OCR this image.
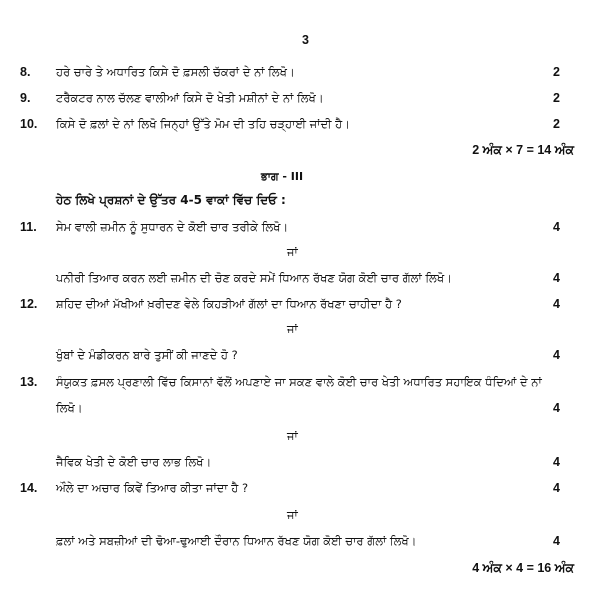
3
8. ਹਰੇ ਚਾਰੇ ਤੇ ਅਧਾਰਿਤ ਕਿਸੇ ਦੋ ਫ਼ਸਲੀ ਚੱਕਰਾਂ ਦੇ ਨਾਂ ਲਿਖੋ।	2
9. ਟਰੈਕਟਰ ਨਾਲ ਚੱਲਣ ਵਾਲੀਆਂ ਕਿਸੇ ਦੋ ਖੇਤੀ ਮਸ਼ੀਨਾਂ ਦੇ ਨਾਂ ਲਿਖੋ।	2
10. ਕਿਸੇ ਦੋ ਫ਼ਲਾਂ ਦੇ ਨਾਂ ਲਿਖੋ ਜਿਨ੍ਹਾਂ ਉੱਤੇ ਮੋਮ ਦੀ ਤਹਿ ਚੜ੍ਹਾਈ ਜਾਂਦੀ ਹੈ।	2
2 ਅੰਕ × 7 = 14 ਅੰਕ
ਭਾਗ - III
ਹੇਠ ਲਿਖੇ ਪ੍ਰਸ਼ਨਾਂ ਦੇ ਉੱਤਰ 4-5 ਵਾਕਾਂ ਵਿੱਚ ਦਿਓ :
11. ਸੇਮ ਵਾਲੀ ਜ਼ਮੀਨ ਨੂੰ ਸੁਧਾਰਨ ਦੇ ਕੋਈ ਚਾਰ ਤਰੀਕੇ ਲਿਖੋ।	4
ਜਾਂ
ਪਨੀਰੀ ਤਿਆਰ ਕਰਨ ਲਈ ਜ਼ਮੀਨ ਦੀ ਚੋਣ ਕਰਦੇ ਸਮੇਂ ਧਿਆਨ ਰੱਖਣ ਯੋਗ ਕੋਈ ਚਾਰ ਗੱਲਾਂ ਲਿਖੋ।	4
12. ਸ਼ਹਿਦ ਦੀਆਂ ਮੱਖੀਆਂ ਖ਼ਰੀਦਣ ਵੇਲੇ ਕਿਹੜੀਆਂ ਗੱਲਾਂ ਦਾ ਧਿਆਨ ਰੱਖਣਾ ਚਾਹੀਦਾ ਹੈ ?	4
ਜਾਂ
ਖੁੰਬਾਂ ਦੇ ਮੰਡੀਕਰਨ ਬਾਰੇ ਤੁਸੀਂ ਕੀ ਜਾਣਦੇ ਹੋ ?	4
13. ਸੰਯੁਕਤ ਫ਼ਸਲ ਪ੍ਰਣਾਲੀ ਵਿੱਚ ਕਿਸਾਨਾਂ ਵੱਲੋਂ ਅਪਣਾਏ ਜਾ ਸਕਣ ਵਾਲੇ ਕੋਈ ਚਾਰ ਖੇਤੀ ਅਧਾਰਿਤ ਸਹਾਇਕ ਧੰਦਿਆਂ ਦੇ ਨਾਂ
ਲਿਖੋ।	4
ਜਾਂ
ਜੈਵਿਕ ਖੇਤੀ ਦੇ ਕੋਈ ਚਾਰ ਲਾਭ ਲਿਖੋ।	4
14. ਔਲੇ ਦਾ ਅਚਾਰ ਕਿਵੇਂ ਤਿਆਰ ਕੀਤਾ ਜਾਂਦਾ ਹੈ ?	4
ਜਾਂ
ਫ਼ਲਾਂ ਅਤੇ ਸਬਜ਼ੀਆਂ ਦੀ ਢੋਆ-ਢੁਆਈ ਦੌਰਾਨ ਧਿਆਨ ਰੱਖਣ ਯੋਗ ਕੋਈ ਚਾਰ ਗੱਲਾਂ ਲਿਖੋ।	4
4 ਅੰਕ × 4 = 16 ਅੰਕ
